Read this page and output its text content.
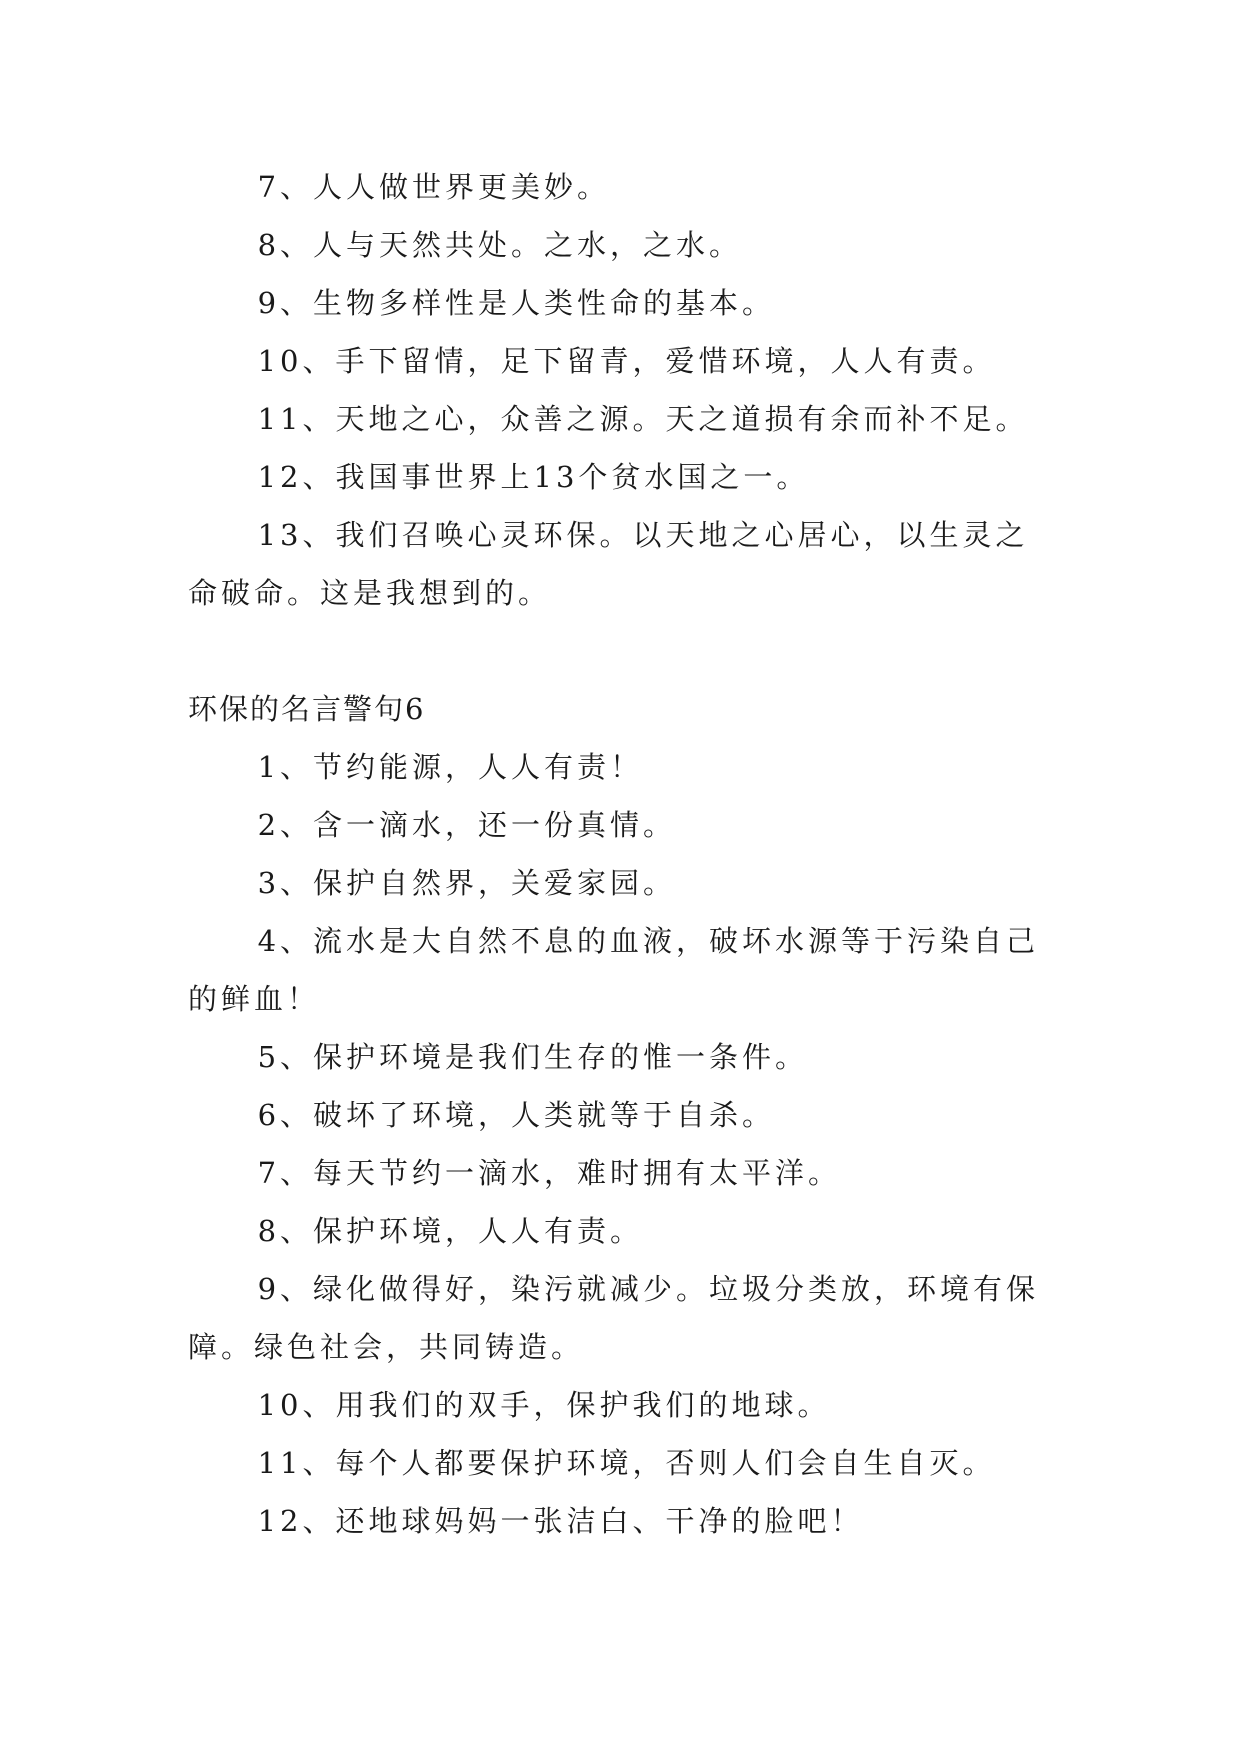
7、人人做世界更美妙。

8、人与天然共处。之水，之水。

9、生物多样性是人类性命的基本。

10、手下留情，足下留青，爱惜环境，人人有责。

11、天地之心，众善之源。天之道损有余而补不足。

12、我国事世界上13个贫水国之一。

13、我们召唤心灵环保。以天地之心居心，以生灵之命破命。这是我想到的。

环保的名言警句6

1、节约能源，人人有责！

2、含一滴水，还一份真情。

3、保护自然界，关爱家园。

4、流水是大自然不息的血液，破坏水源等于污染自己的鲜血！

5、保护环境是我们生存的惟一条件。

6、破坏了环境，人类就等于自杀。

7、每天节约一滴水，难时拥有太平洋。

8、保护环境，人人有责。

9、绿化做得好，染污就减少。垃圾分类放，环境有保障。绿色社会，共同铸造。

10、用我们的双手，保护我们的地球。

11、每个人都要保护环境，否则人们会自生自灭。

12、还地球妈妈一张洁白、干净的脸吧！
